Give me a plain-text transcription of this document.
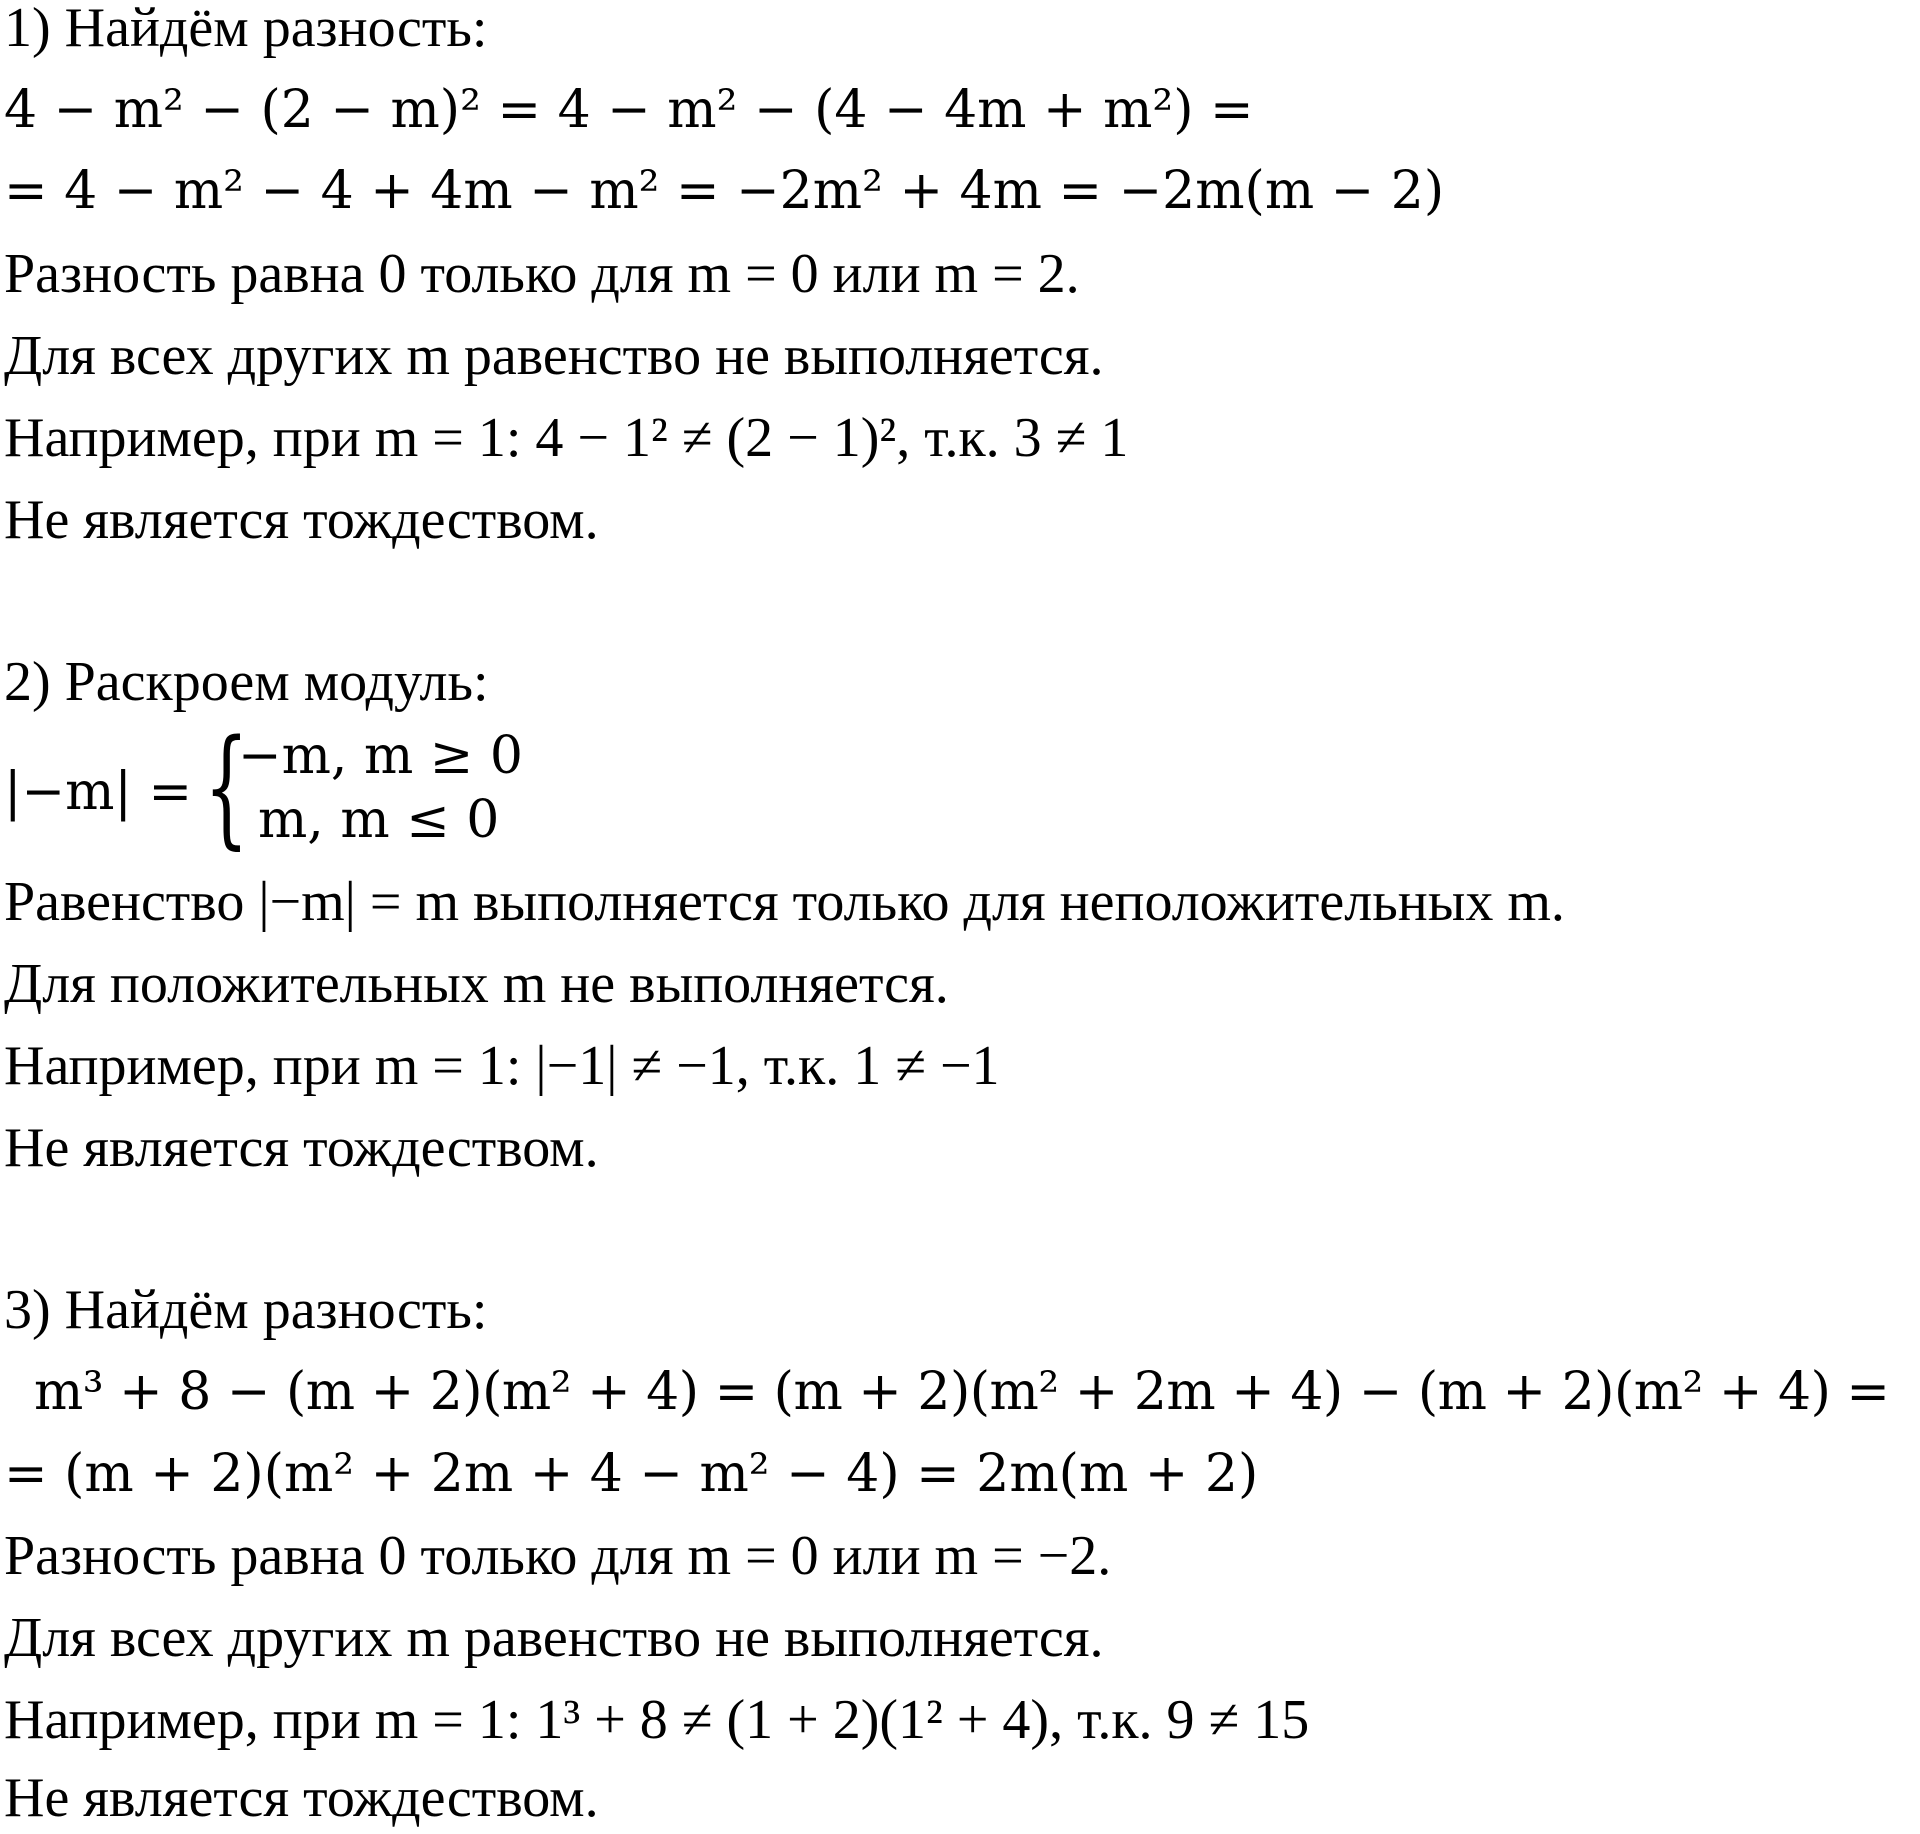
1) Найдём разность:
4 − m² − (2 − m)² = 4 − m² − (4 − 4m + m²) =
= 4 − m² − 4 + 4m − m² = −2m² + 4m = −2m(m − 2)
Разность равна 0 только для m = 0 или m = 2.
Для всех других m равенство не выполняется.
Например, при m = 1: 4 − 1² ≠ (2 − 1)², т.к. 3 ≠ 1
Не является тождеством.
2) Раскроем модуль:
|−m| = {
−m, m ≥ 0
m, m ≤ 0
Равенство |−m| = m выполняется только для неположительных m.
Для положительных m не выполняется.
Например, при m = 1: |−1| ≠ −1, т.к. 1 ≠ −1
Не является тождеством.
3) Найдём разность:
m³ + 8 − (m + 2)(m² + 4) = (m + 2)(m² + 2m + 4) − (m + 2)(m² + 4) =
= (m + 2)(m² + 2m + 4 − m² − 4) = 2m(m + 2)
Разность равна 0 только для m = 0 или m = −2.
Для всех других m равенство не выполняется.
Например, при m = 1: 1³ + 8 ≠ (1 + 2)(1² + 4), т.к. 9 ≠ 15
Не является тождеством.
